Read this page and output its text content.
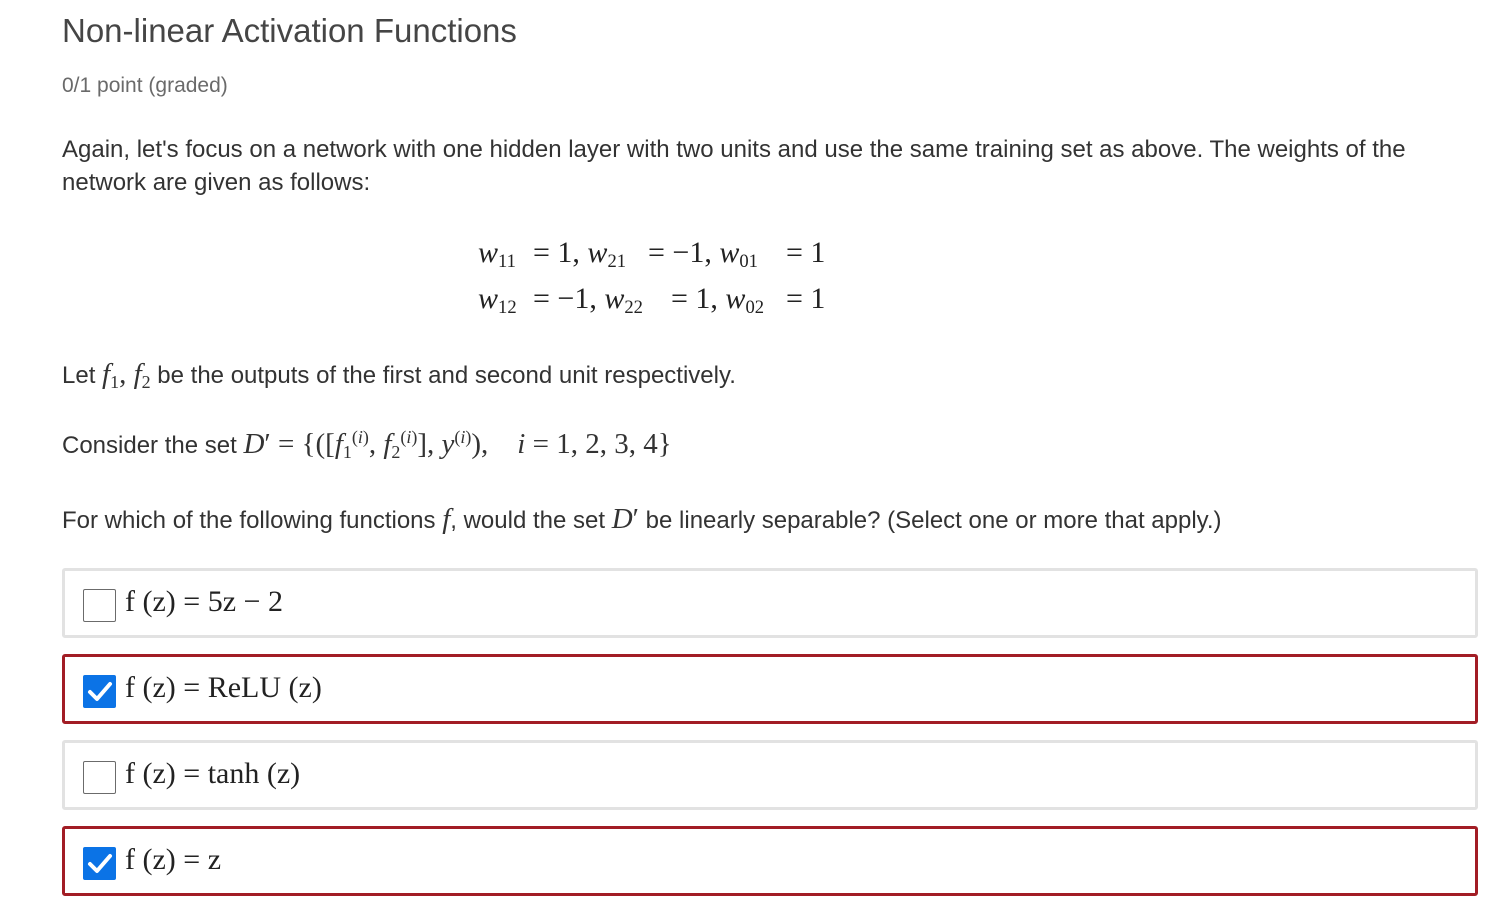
Non-linear Activation Functions
0/1 point (graded)
Again, let's focus on a network with one hidden layer with two units and use the same training set as above. The weights of the network are given as follows:
$w_{11} = 1$, $w_{21} = -1$, $w_{01} = 1$
$w_{12} = -1$, $w_{22} = 1$, $w_{02} = 1$
Let $f_1$, $f_2$ be the outputs of the first and second unit respectively.
Consider the set $D' = \{([f_1^{(i)}$, $f_2^{(i)}$], $y^{(i)}$),    i = 1, 2, 3, 4}
For which of the following functions f, would the set D′ be linearly separable? (Select one or more that apply.)
f (z) = 5z − 2
f (z) = ReLU (z)
f (z) = tanh (z)
f (z) = z
